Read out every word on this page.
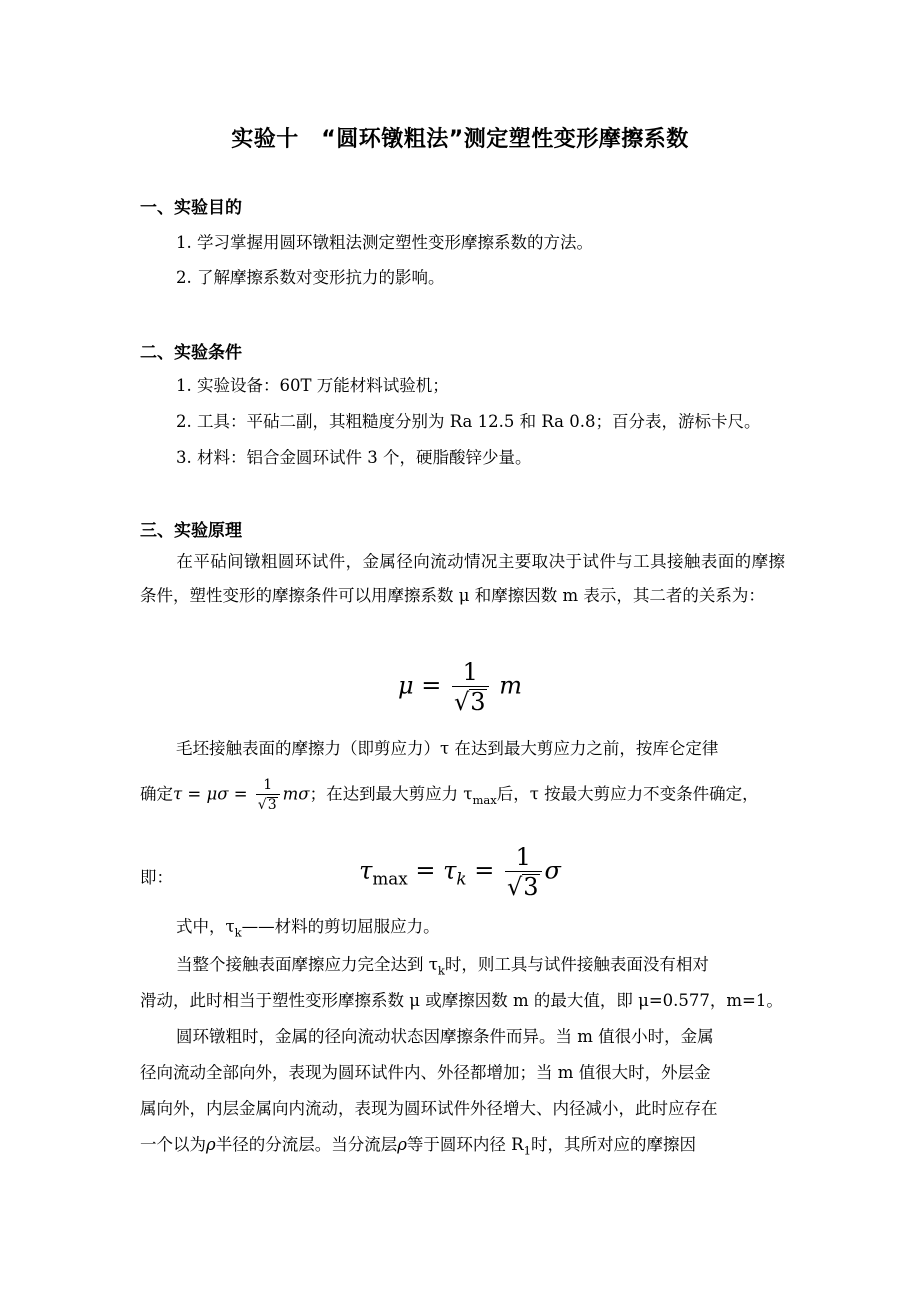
实验十　“圆环镦粗法”测定塑性变形摩擦系数
一、实验目的
1. 学习掌握用圆环镦粗法测定塑性变形摩擦系数的方法。
2. 了解摩擦系数对变形抗力的影响。
二、实验条件
1. 实验设备：60T 万能材料试验机；
2. 工具：平砧二副，其粗糙度分别为 Ra 12.5 和 Ra 0.8；百分表，游标卡尺。
3. 材料：铝合金圆环试件 3 个，硬脂酸锌少量。
三、实验原理
在平砧间镦粗圆环试件，金属径向流动情况主要取决于试件与工具接触表面的摩擦条件，塑性变形的摩擦条件可以用摩擦系数 μ 和摩擦因数 m 表示，其二者的关系为：
$\mu = \frac{1}{√ 3}$ m
毛坯接触表面的摩擦力（即剪应力）τ 在达到最大剪应力之前，按库仑定律
确定$\tau = \mu\sigma = \frac{1}{√ 3}$ mσ；在达到最大剪应力 $\tau_{max}$后，τ 按最大剪应力不变条件确定，
即：	$\tau_{max} = \tau_k = \frac{1}{√ 3}$ σ
式中，$\tau_k——$材料的剪切屈服应力。
当整个接触表面摩擦应力完全达到 $\tau_k$时，则工具与试件接触表面没有相对
滑动，此时相当于塑性变形摩擦系数 μ 或摩擦因数 m 的最大值，即 μ=0.577，m=1。
圆环镦粗时，金属的径向流动状态因摩擦条件而异。当 m 值很小时，金属
径向流动全部向外，表现为圆环试件内、外径都增加；当 m 值很大时，外层金
属向外，内层金属向内流动，表现为圆环试件外径增大、内径减小，此时应存在
一个以为ρ半径的分流层。当分流层ρ等于圆环内径 $R_1$时，其所对应的摩擦因
